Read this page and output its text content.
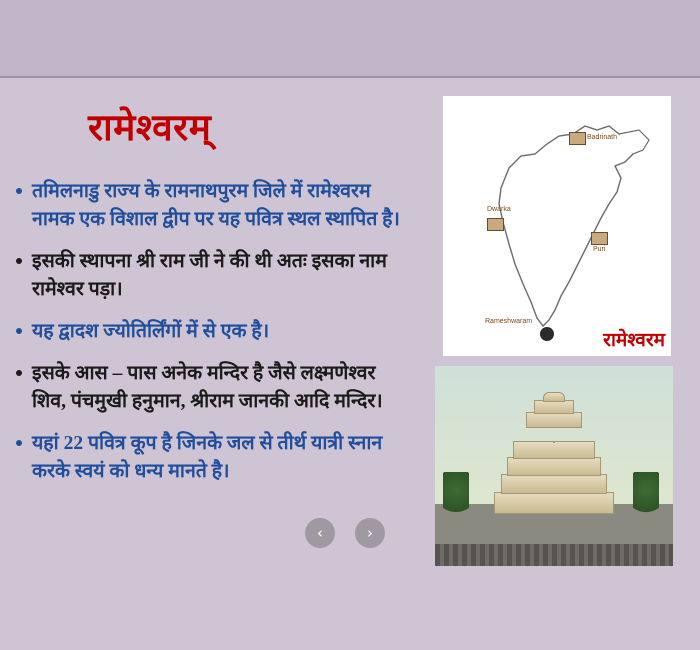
रामेश्वरम्
तमिलनाडु राज्य के रामनाथपुरम जिले में रामेश्वरम नामक एक विशाल द्वीप पर यह पवित्र स्थल स्थापित है।
इसकी स्थापना श्री राम जी ने की थी अतः इसका नाम रामेश्वर पड़ा।
यह द्वादश ज्योतिर्लिंगों में से एक है।
इसके आस – पास अनेक मन्दिर है जैसे लक्ष्मणेश्वर शिव, पंचमुखी हनुमान, श्रीराम जानकी आदि मन्दिर।
यहां 22 पवित्र कूप है जिनके जल से तीर्थ यात्री स्नान करके स्वयं को धन्य मानते है।
Badrinath
Dwarka
Puri
Rameshwaram
रामेश्वरम
‹	›
